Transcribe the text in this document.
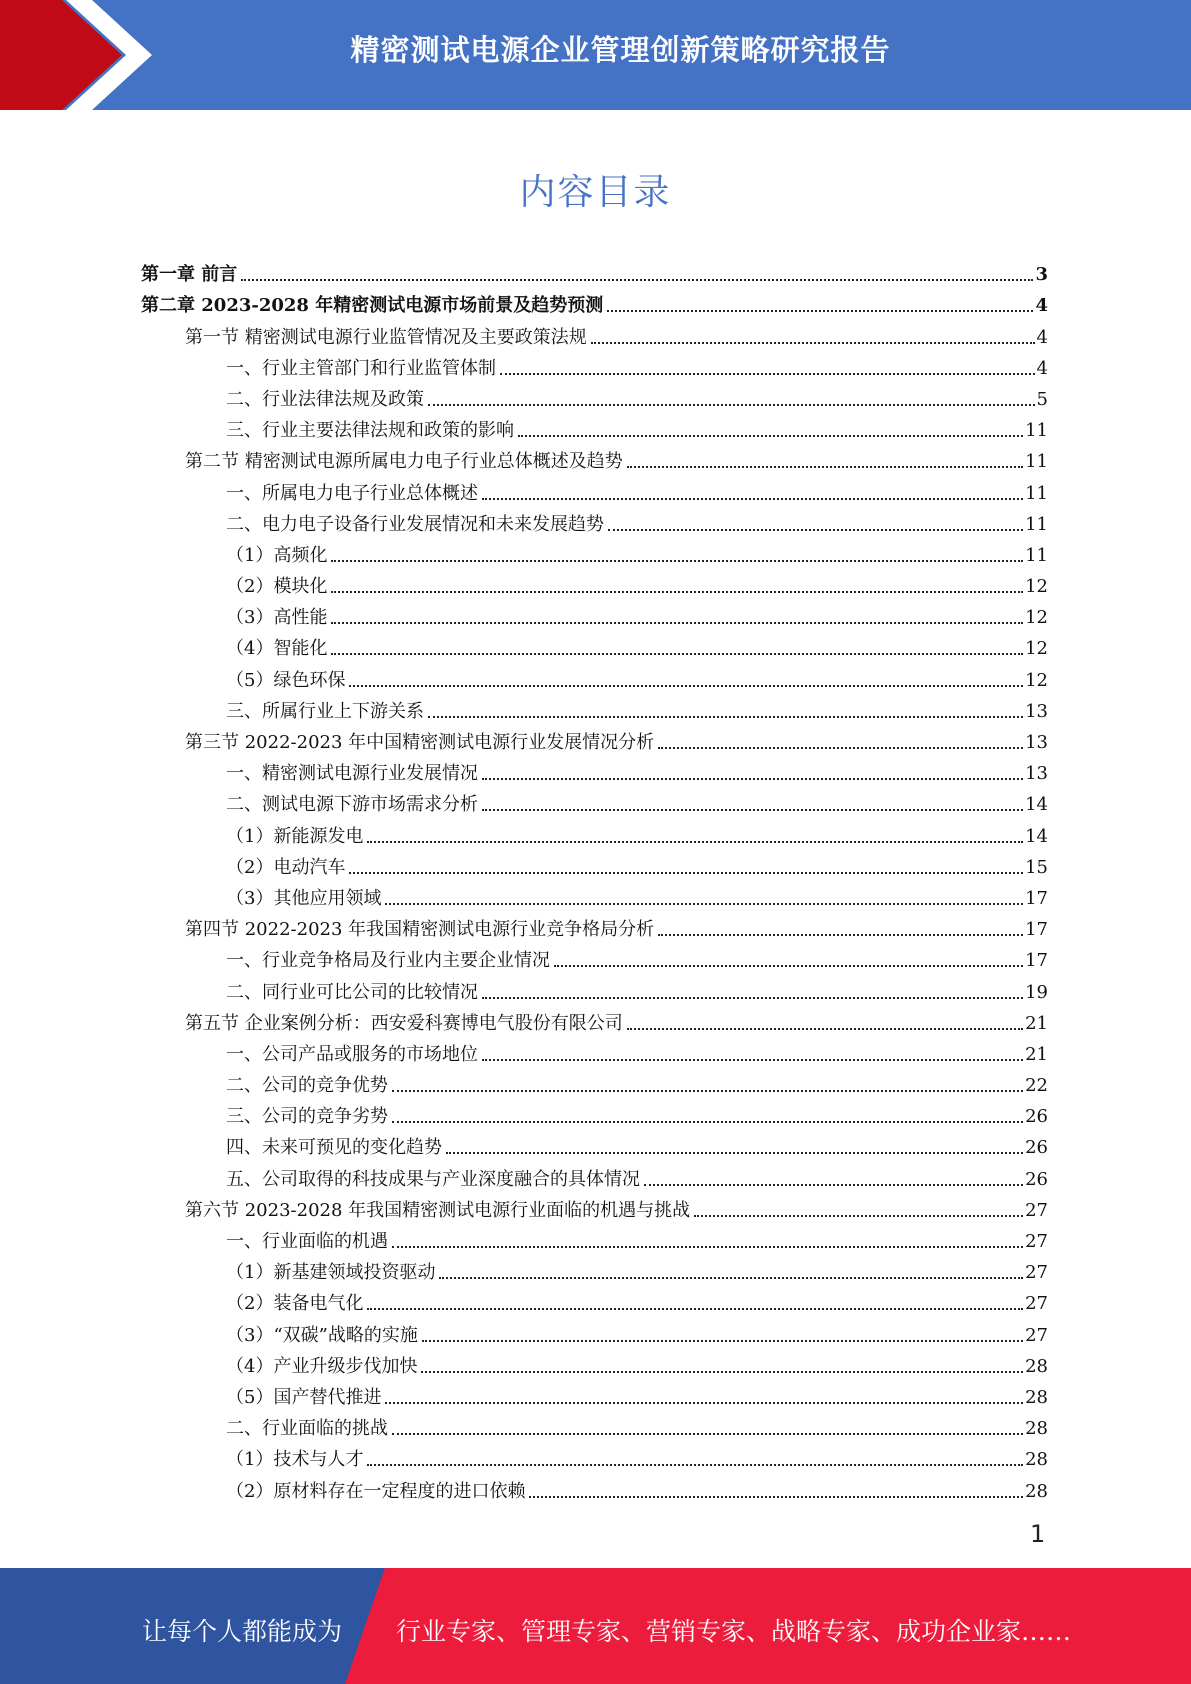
精密测试电源企业管理创新策略研究报告
内容目录
第一章 前言	3
第二章 2023-2028 年精密测试电源市场前景及趋势预测	4
第一节 精密测试电源行业监管情况及主要政策法规	4
一、行业主管部门和行业监管体制	4
二、行业法律法规及政策	5
三、行业主要法律法规和政策的影响	11
第二节 精密测试电源所属电力电子行业总体概述及趋势	11
一、所属电力电子行业总体概述	11
二、电力电子设备行业发展情况和未来发展趋势	11
（1）高频化	11
（2）模块化	12
（3）高性能	12
（4）智能化	12
（5）绿色环保	12
三、所属行业上下游关系	13
第三节 2022-2023 年中国精密测试电源行业发展情况分析	13
一、精密测试电源行业发展情况	13
二、测试电源下游市场需求分析	14
（1）新能源发电	14
（2）电动汽车	15
（3）其他应用领域	17
第四节 2022-2023 年我国精密测试电源行业竞争格局分析	17
一、行业竞争格局及行业内主要企业情况	17
二、同行业可比公司的比较情况	19
第五节 企业案例分析：西安爱科赛博电气股份有限公司	21
一、公司产品或服务的市场地位	21
二、公司的竞争优势	22
三、公司的竞争劣势	26
四、未来可预见的变化趋势	26
五、公司取得的科技成果与产业深度融合的具体情况	26
第六节 2023-2028 年我国精密测试电源行业面临的机遇与挑战	27
一、行业面临的机遇	27
（1）新基建领域投资驱动	27
（2）装备电气化	27
（3）“双碳”战略的实施	27
（4）产业升级步伐加快	28
（5）国产替代推进	28
二、行业面临的挑战	28
（1）技术与人才	28
（2）原材料存在一定程度的进口依赖	28
1
让每个人都能成为 行业专家、管理专家、营销专家、战略专家、成功企业家……
